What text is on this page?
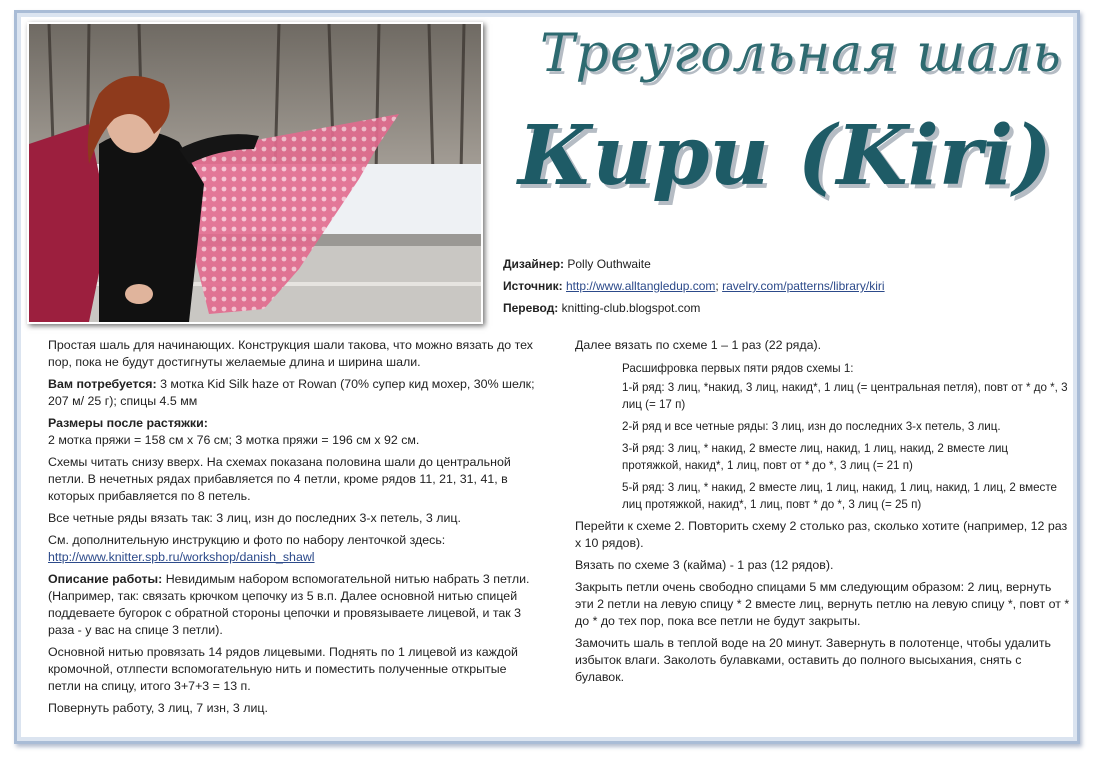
Треугольная шаль
Кири (Kiri)
Дизайнер: Polly Outhwaite
Источник: http://www.alltangledup.com; ravelry.com/patterns/library/kiri
Перевод: knitting-club.blogspot.com

Простая шаль для начинающих. Конструкция шали такова, что можно вязать до тех пор, пока не будут достигнуты желаемые длина и ширина шали.

Вам потребуется: 3 мотка Kid Silk haze от Rowan (70% супер кид мохер, 30% шелк; 207 м/ 25 г); спицы 4.5 мм

Размеры после растяжки:
2 мотка пряжи = 158 см x 76 см; 3 мотка пряжи = 196 см x 92 см.

Схемы читать снизу вверх. На схемах показана половина шали до центральной петли. В нечетных рядах прибавляется по 4 петли, кроме рядов 11, 21, 31, 41, в которых прибавляется по 8 петель.

Все четные ряды вязать так: 3 лиц, изн до последних 3-х петель, 3 лиц.

См. дополнительную инструкцию и фото по набору ленточкой здесь:
http://www.knitter.spb.ru/workshop/danish_shawl

Описание работы: Невидимым набором вспомогательной нитью набрать 3 петли. (Например, так: связать крючком цепочку из 5 в.п. Далее основной нитью спицей поддеваете бугорок с обратной стороны цепочки и провязываете лицевой, и так 3 раза - у вас на спице 3 петли).

Основной нитью провязать 14 рядов лицевыми. Поднять по 1 лицевой из каждой кромочной, отлпести вспомогательную нить и поместить полученные открытые петли на спицу, итого 3+7+3 = 13 п.

Повернуть работу, 3 лиц, 7 изн, 3 лиц.

Далее вязать по схеме 1 – 1 раз (22 ряда).

Расшифровка первых пяти рядов схемы 1:

1-й ряд: 3 лиц, *накид, 3 лиц, накид*, 1 лиц (= центральная петля), повт от * до *, 3 лиц (= 17 п)

2-й ряд и все четные ряды: 3 лиц, изн до последних 3-х петель, 3 лиц.

3-й ряд: 3 лиц, * накид, 2 вместе лиц, накид, 1 лиц, накид, 2 вместе лиц протяжкой, накид*, 1 лиц, повт от * до *, 3 лиц (= 21 п)

5-й ряд: 3 лиц, * накид, 2 вместе лиц, 1 лиц, накид, 1 лиц, накид, 1 лиц, 2 вместе лиц протяжкой, накид*, 1 лиц, повт * до *, 3 лиц (= 25 п)

Перейти к схеме 2. Повторить схему 2 столько раз, сколько хотите (например, 12 раз x 10 рядов).

Вязать по схеме 3 (кайма) - 1 раз (12 рядов).

Закрыть петли очень свободно спицами 5 мм следующим образом: 2 лиц, вернуть эти 2 петли на левую спицу * 2 вместе лиц, вернуть петлю на левую спицу *, повт от * до * до тех пор, пока все петли не будут закрыты.

Замочить шаль в теплой воде на 20 минут. Завернуть в полотенце, чтобы удалить избыток влаги. Заколоть булавками, оставить до полного высыхания, снять с булавок.
